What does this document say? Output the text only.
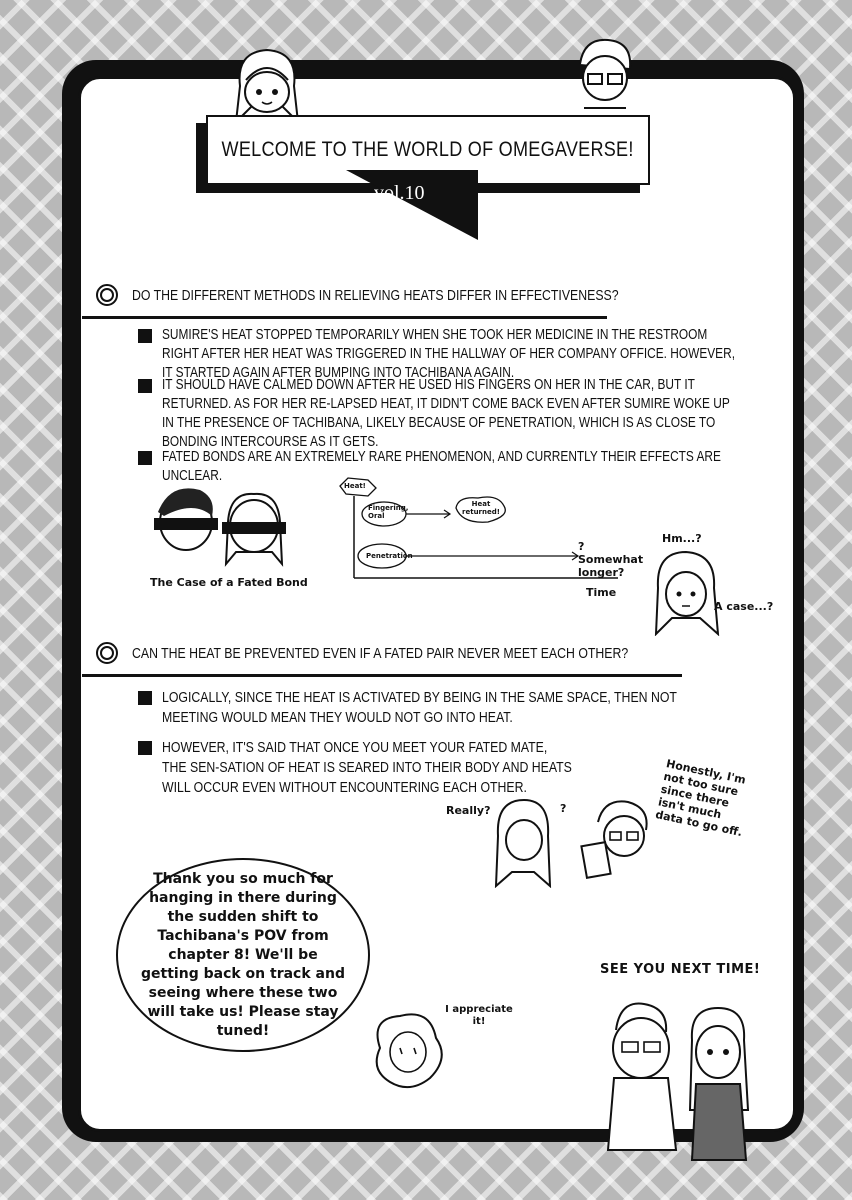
WELCOME TO THE WORLD OF OMEGAVERSE!
vol.10
DO THE DIFFERENT METHODS IN RELIEVING HEATS DIFFER IN EFFECTIVENESS?
SUMIRE'S HEAT STOPPED TEMPORARILY WHEN SHE TOOK HER MEDICINE IN THE RESTROOM RIGHT AFTER HER HEAT WAS TRIGGERED IN THE HALLWAY OF HER COMPANY OFFICE. HOWEVER, IT STARTED AGAIN AFTER BUMPING INTO TACHIBANA AGAIN.
IT SHOULD HAVE CALMED DOWN AFTER HE USED HIS FINGERS ON HER IN THE CAR, BUT IT RETURNED. AS FOR HER RE-LAPSED HEAT, IT DIDN'T COME BACK EVEN AFTER SUMIRE WOKE UP IN THE PRESENCE OF TACHIBANA, LIKELY BECAUSE OF PENETRATION, WHICH IS AS CLOSE TO BONDING INTERCOURSE AS IT GETS.
FATED BONDS ARE AN EXTREMELY RARE PHENOMENON, AND CURRENTLY THEIR EFFECTS ARE UNCLEAR.
The Case of a Fated Bond
Heat!
Fingering, Oral
Heat returned!
Penetration
? Somewhat longer?
Time
Hm...?
A case...?
CAN THE HEAT BE PREVENTED EVEN IF A FATED PAIR NEVER MEET EACH OTHER?
LOGICALLY, SINCE THE HEAT IS ACTIVATED BY BEING IN THE SAME SPACE, THEN NOT MEETING WOULD MEAN THEY WOULD NOT GO INTO HEAT.
HOWEVER, IT'S SAID THAT ONCE YOU MEET YOUR FATED MATE, THE SEN-SATION OF HEAT IS SEARED INTO THEIR BODY AND HEATS WILL OCCUR EVEN WITHOUT ENCOUNTERING EACH OTHER.
Really?	?
Honestly, I'm not too sure since there isn't much data to go off.
Thank you so much for hanging in there during the sudden shift to Tachibana's POV from chapter 8! We'll be getting back on track and seeing where these two will take us! Please stay tuned!
I appreciate it!
SEE YOU NEXT TIME!
